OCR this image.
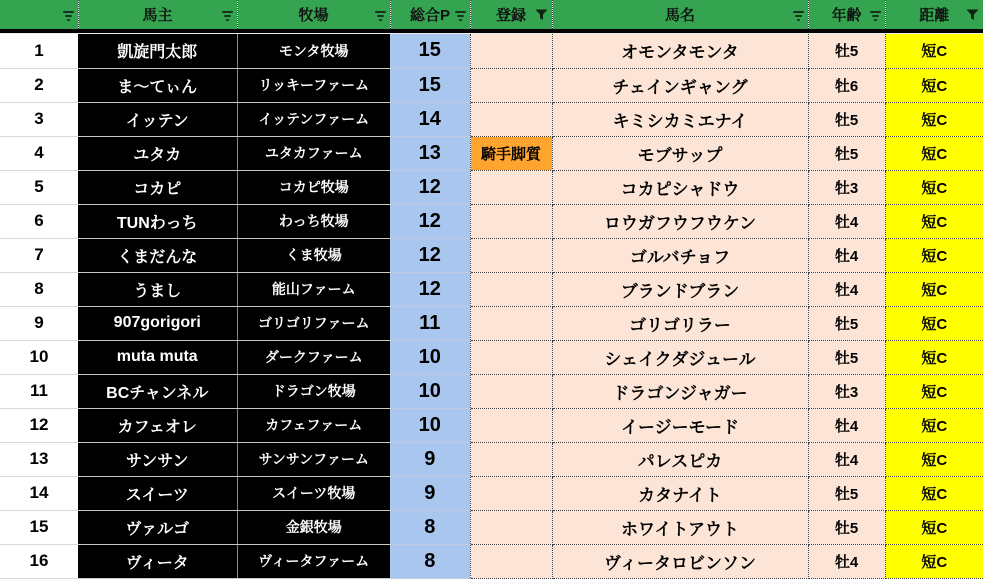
	馬主	牧場	総合P	登録	馬名	年齢	距離

1	凱旋門太郎	モンタ牧場	15		オモンタモンタ	牡5	短C
2	ま～てぃん	リッキーファーム	15		チェインギャング	牡6	短C
3	イッテン	イッテンファーム	14		キミシカミエナイ	牡5	短C
4	ユタカ	ユタカファーム	13	騎手脚質	モブサップ	牡5	短C
5	コカピ	コカピ牧場	12		コカピシャドウ	牡3	短C
6	TUNわっち	わっち牧場	12		ロウガフウフウケン	牡4	短C
7	くまだんな	くま牧場	12		ゴルバチョフ	牡4	短C
8	うまし	能山ファーム	12		ブランドブラン	牡4	短C
9	907gorigori	ゴリゴリファーム	11		ゴリゴリラー	牡5	短C
10	muta muta	ダークファーム	10		シェイクダジュール	牡5	短C
11	BCチャンネル	ドラゴン牧場	10		ドラゴンジャガー	牡3	短C
12	カフェオレ	カフェファーム	10		イージーモード	牡4	短C
13	サンサン	サンサンファーム	9		パレスピカ	牡4	短C
14	スイーツ	スイーツ牧場	9		カタナイト	牡5	短C
15	ヴァルゴ	金銀牧場	8		ホワイトアウト	牡5	短C
16	ヴィータ	ヴィータファーム	8		ヴィータロビンソン	牡4	短C
